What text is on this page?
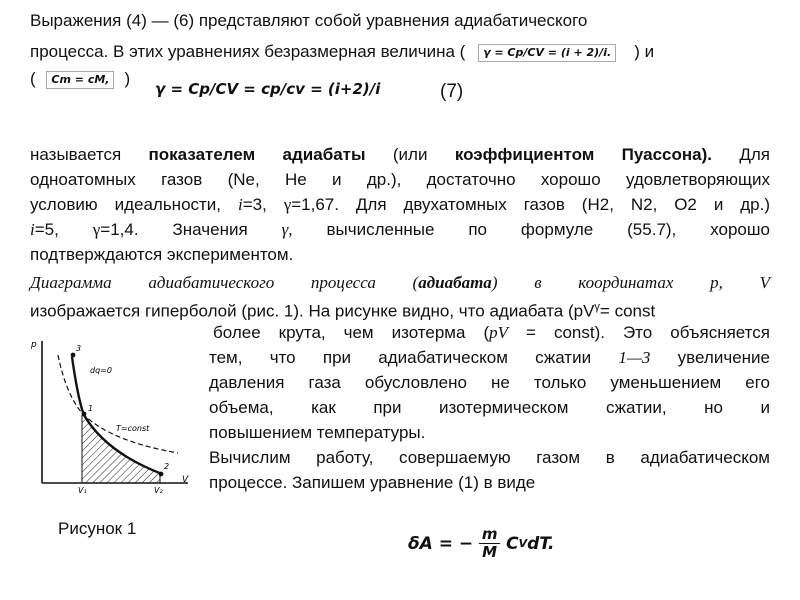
Выражения (4) — (6) представляют собой уравнения адиабатического
процесса. В этих уравнениях безразмерная величина ( γ = Cp/CV = (i + 2)/i. ) и
( Cm = cM, )
γ = Cp/CV = cp/cv = (i+2)/i	(7)

называется показателем адиабаты (или коэффициентом Пуассона). Для

одноатомных газов (Ne, He и др.), достаточно хорошо удовлетворяющих

условию идеальности, i=3, γ=1,67. Для двухатомных газов (H2, N2, O2 и др.)

i=5, γ=1,4. Значения γ, вычисленные по формуле (55.7), хорошо

подтверждаются экспериментом.

Диаграмма адиабатического процесса (адиабата) в координатах p, V

изображается гиперболой (рис. 1). На рисунке видно, что адиабата ($pV^\gamma=$ const

более крута, чем изотерма (pV = const). Это объясняется

тем, что при адиабатическом сжатии 1—3 увеличение

давления газа обусловлено не только уменьшением его

объема, как при изотермическом сжатии, но и

повышением температуры.

Вычислим работу, совершаемую газом в адиабатическом

процессе. Запишем уравнение (1) в виде

p
V
V₁	V₂
dq=0
T=const
3
1
2
Рисунок 1
δA = − $\frac{m}{M}$ C V dT.
